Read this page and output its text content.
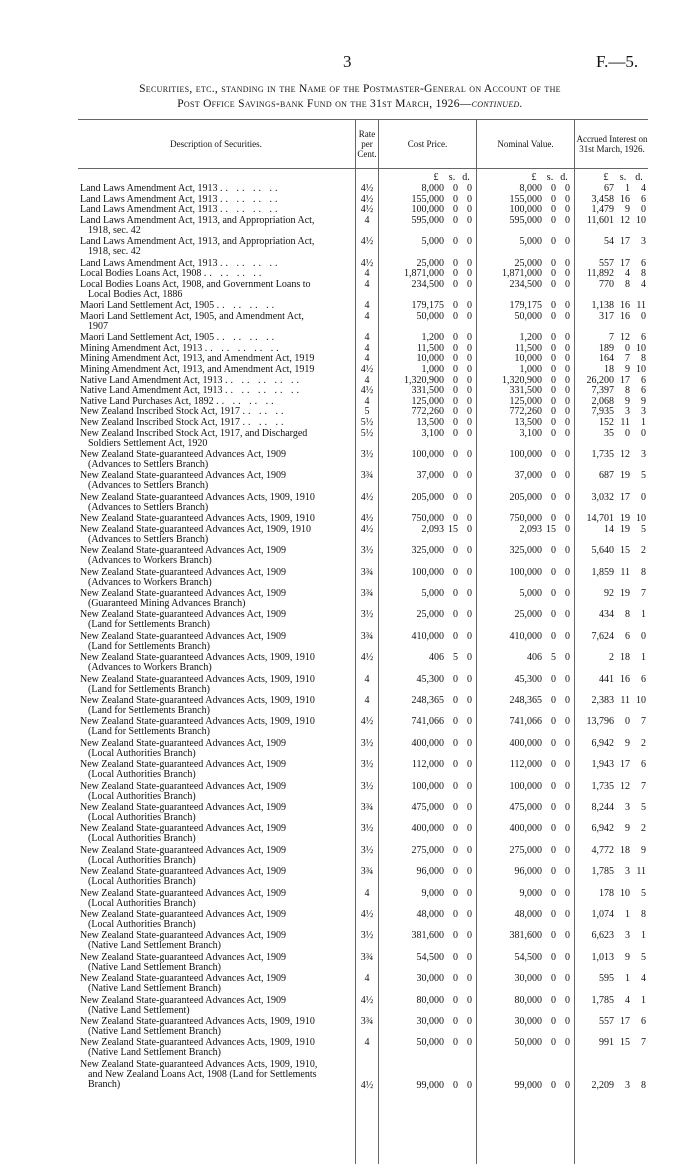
3	F.—5.
Securities, etc., standing in the Name of the Postmaster-General on Account of the
Post Office Savings-bank Fund on the 31st March, 1926—continued.
Description of Securities.
Rate per Cent.
Cost Price.	Nominal Value.	Accrued Interest on 31st March, 1926.
£	s. d.	£	s. d.	£	s. d.
Land Laws Amendment Act, 1913 .. .. .. ..	4½	8,000 0 0	8,000 0 0	67	1	4
Land Laws Amendment Act, 1913 .. .. .. ..	4½	155,000 0 0	155,000 0 0	3,458 16	6
Land Laws Amendment Act, 1913 .. .. .. ..	4½	100,000 0 0	100,000 0 0	1,479	9	0
Land Laws Amendment Act, 1913, and Appropriation Act,
1918, sec. 42
4	595,000 0 0	595,000 0 0	11,601 12 10
Land Laws Amendment Act, 1913, and Appropriation Act,
1918, sec. 42
4½	5,000 0 0	5,000 0 0	54 17	3
Land Laws Amendment Act, 1913 .. .. .. ..	4½	25,000 0 0	25,000 0 0	557 17	6
Local Bodies Loans Act, 1908 .. .. .. ..	4	1,871,000 0 0	1,871,000 0 0	11,892	4	8
Local Bodies Loans Act, 1908, and Government Loans to
Local Bodies Act, 1886
4	234,500 0 0	234,500 0 0	770	8	4
Maori Land Settlement Act, 1905 .. .. .. ..	4	179,175 0 0	179,175 0 0	1,138 16 11
Maori Land Settlement Act, 1905, and Amendment Act,
1907
4	50,000 0 0	50,000 0 0	317 16	0
Maori Land Settlement Act, 1905 .. .. .. ..	4	1,200 0 0	1,200 0 0	7 12	6
Mining Amendment Act, 1913 .. .. .. .. ..	4	11,500 0 0	11,500 0 0	189	0 10
Mining Amendment Act, 1913, and Amendment Act, 1919	4	10,000 0 0	10,000 0 0	164	7	8
Mining Amendment Act, 1913, and Amendment Act, 1919	4½	1,000 0 0	1,000 0 0	18	9 10
Native Land Amendment Act, 1913 .. .. .. .. ..	4	1,320,900 0 0	1,320,900 0 0	26,200 17	6
Native Land Amendment Act, 1913 .. .. .. .. ..	4½	331,500 0 0	331,500 0 0	7,397	8	6
Native Land Purchases Act, 1892 .. .. .. ..	4	125,000 0 0	125,000 0 0	2,068	9	9
New Zealand Inscribed Stock Act, 1917 .. .. ..	5	772,260 0 0	772,260 0 0	7,935	3	3
New Zealand Inscribed Stock Act, 1917 .. .. ..	5½	13,500 0 0	13,500 0 0	152 11	1
New Zealand Inscribed Stock Act, 1917, and Discharged
Soldiers Settlement Act, 1920
5½	3,100 0 0	3,100 0 0	35	0	0
New Zealand State-guaranteed Advances Act, 1909
(Advances to Settlers Branch)
3½	100,000 0 0	100,000 0 0	1,735 12	3
New Zealand State-guaranteed Advances Act, 1909
(Advances to Settlers Branch)
3¾	37,000 0 0	37,000 0 0	687 19	5
New Zealand State-guaranteed Advances Acts, 1909, 1910
(Advances to Settlers Branch)
4½	205,000 0 0	205,000 0 0	3,032 17	0
New Zealand State-guaranteed Advances Acts, 1909, 1910	4½	750,000 0 0	750,000 0 0	14,701 19 10
New Zealand State-guaranteed Advances Act, 1909, 1910
(Advances to Settlers Branch)
4½	2,093 15 0	2,093 15 0	14 19	5
New Zealand State-guaranteed Advances Act, 1909
(Advances to Workers Branch)
3½	325,000 0 0	325,000 0 0	5,640 15	2
New Zealand State-guaranteed Advances Act, 1909
(Advances to Workers Branch)
3¾	100,000 0 0	100,000 0 0	1,859 11	8
New Zealand State-guaranteed Advances Act, 1909
(Guaranteed Mining Advances Branch)
3¾	5,000 0 0	5,000 0 0	92 19	7
New Zealand State-guaranteed Advances Act, 1909
(Land for Settlements Branch)
3½	25,000 0 0	25,000 0 0	434	8	1
New Zealand State-guaranteed Advances Act, 1909
(Land for Settlements Branch)
3¾	410,000 0 0	410,000 0 0	7,624	6	0
New Zealand State-guaranteed Advances Acts, 1909, 1910
(Advances to Workers Branch)
4½	406 5 0	406 5 0	2 18	1
New Zealand State-guaranteed Advances Acts, 1909, 1910
(Land for Settlements Branch)
4	45,300 0 0	45,300 0 0	441 16	6
New Zealand State-guaranteed Advances Acts, 1909, 1910
(Land for Settlements Branch)
4	248,365 0 0	248,365 0 0	2,383 11 10
New Zealand State-guaranteed Advances Acts, 1909, 1910
(Land for Settlements Branch)
4½	741,066 0 0	741,066 0 0	13,796	0	7
New Zealand State-guaranteed Advances Act, 1909
(Local Authorities Branch)
3½	400,000 0 0	400,000 0 0	6,942	9	2
New Zealand State-guaranteed Advances Act, 1909
(Local Authorities Branch)
3½	112,000 0 0	112,000 0 0	1,943 17	6
New Zealand State-guaranteed Advances Act, 1909
(Local Authorities Branch)
3½	100,000 0 0	100,000 0 0	1,735 12	7
New Zealand State-guaranteed Advances Act, 1909
(Local Authorities Branch)
3¾	475,000 0 0	475,000 0 0	8,244	3	5
New Zealand State-guaranteed Advances Act, 1909
(Local Authorities Branch)
3½	400,000 0 0	400,000 0 0	6,942	9	2
New Zealand State-guaranteed Advances Act, 1909
(Local Authorities Branch)
3½	275,000 0 0	275,000 0 0	4,772 18	9
New Zealand State-guaranteed Advances Act, 1909
(Local Authorities Branch)
3¾	96,000 0 0	96,000 0 0	1,785	3 11
New Zealand State-guaranteed Advances Act, 1909
(Local Authorities Branch)
4	9,000 0 0	9,000 0 0	178 10	5
New Zealand State-guaranteed Advances Act, 1909
(Local Authorities Branch)
4½	48,000 0 0	48,000 0 0	1,074	1	8
New Zealand State-guaranteed Advances Act, 1909
(Native Land Settlement Branch)
3½	381,600 0 0	381,600 0 0	6,623	3	1
New Zealand State-guaranteed Advances Act, 1909
(Native Land Settlement Branch)
3¾	54,500 0 0	54,500 0 0	1,013	9	5
New Zealand State-guaranteed Advances Act, 1909
(Native Land Settlement Branch)
4	30,000 0 0	30,000 0 0	595	1	4
New Zealand State-guaranteed Advances Act, 1909
(Native Land Settlement)
4½	80,000 0 0	80,000 0 0	1,785	4	1
New Zealand State-guaranteed Advances Acts, 1909, 1910
(Native Land Settlement Branch)
3¾	30,000 0 0	30,000 0 0	557 17	6
New Zealand State-guaranteed Advances Acts, 1909, 1910
(Native Land Settlement Branch)
4	50,000 0 0	50,000 0 0	991 15	7
New Zealand State-guaranteed Advances Acts, 1909, 1910,
and New Zealand Loans Act, 1908 (Land for Settlements
Branch)	4½	99,000 0 0	99,000 0 0	2,209	3	8
